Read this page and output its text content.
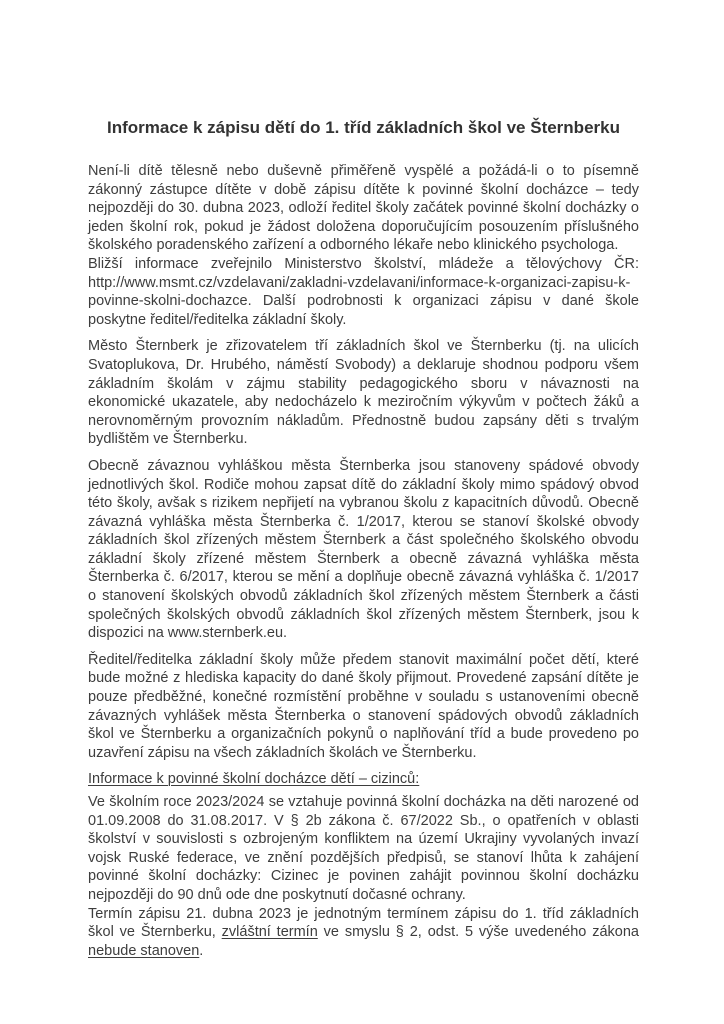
Informace k zápisu dětí do 1. tříd základních škol ve Šternberku
Není-li dítě tělesně nebo duševně přiměřeně vyspělé a požádá-li o to písemně zákonný zástupce dítěte v době zápisu dítěte k povinné školní docházce – tedy nejpozději do 30. dubna 2023, odloží ředitel školy začátek povinné školní docházky o jeden školní rok, pokud je žádost doložena doporučujícím posouzením příslušného školského poradenského zařízení a odborného lékaře nebo klinického psychologa.
Bližší informace zveřejnilo Ministerstvo školství, mládeže a tělovýchovy ČR: http://www.msmt.cz/vzdelavani/zakladni-vzdelavani/informace-k-organizaci-zapisu-k-povinne-skolni-dochazce. Další podrobnosti k organizaci zápisu v dané škole poskytne ředitel/ředitelka základní školy.
Město Šternberk je zřizovatelem tří základních škol ve Šternberku (tj. na ulicích Svatoplukova, Dr. Hrubého, náměstí Svobody) a deklaruje shodnou podporu všem základním školám v zájmu stability pedagogického sboru v návaznosti na ekonomické ukazatele, aby nedocházelo k meziročním výkyvům v počtech žáků a nerovnoměrným provozním nákladům. Přednostně budou zapsány děti s trvalým bydlištěm ve Šternberku.
Obecně závaznou vyhláškou města Šternberka jsou stanoveny spádové obvody jednotlivých škol. Rodiče mohou zapsat dítě do základní školy mimo spádový obvod této školy, avšak s rizikem nepřijetí na vybranou školu z kapacitních důvodů. Obecně závazná vyhláška města Šternberka č. 1/2017, kterou se stanoví školské obvody základních škol zřízených městem Šternberk a část společného školského obvodu základní školy zřízené městem Šternberk a obecně závazná vyhláška města Šternberka č. 6/2017, kterou se mění a doplňuje obecně závazná vyhláška č. 1/2017 o stanovení školských obvodů základních škol zřízených městem Šternberk a části společných školských obvodů základních škol zřízených městem Šternberk, jsou k dispozici na www.sternberk.eu.
Ředitel/ředitelka základní školy může předem stanovit maximální počet dětí, které bude možné z hlediska kapacity do dané školy přijmout. Provedené zapsání dítěte je pouze předběžné, konečné rozmístění proběhne v souladu s ustanoveními obecně závazných vyhlášek města Šternberka o stanovení spádových obvodů základních škol ve Šternberku a organizačních pokynů o naplňování tříd a bude provedeno po uzavření zápisu na všech základních školách ve Šternberku.
Informace k povinné školní docházce dětí – cizinců:
Ve školním roce 2023/2024 se vztahuje povinná školní docházka na děti narozené od 01.09.2008 do 31.08.2017. V § 2b zákona č. 67/2022 Sb., o opatřeních v oblasti školství v souvislosti s ozbrojeným konfliktem na území Ukrajiny vyvolaných invazí vojsk Ruské federace, ve znění pozdějších předpisů, se stanoví lhůta k zahájení povinné školní docházky: Cizinec je povinen zahájit povinnou školní docházku nejpozději do 90 dnů ode dne poskytnutí dočasné ochrany.
Termín zápisu 21. dubna 2023 je jednotným termínem zápisu do 1. tříd základních škol ve Šternberku, zvláštní termín ve smyslu § 2, odst. 5 výše uvedeného zákona nebude stanoven.
